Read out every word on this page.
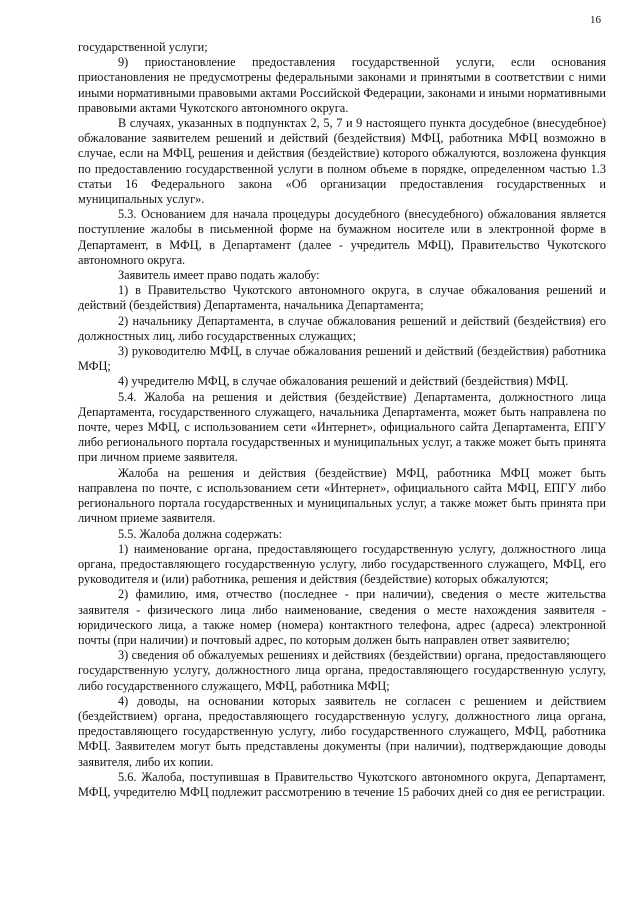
16

государственной услуги;

9) приостановление предоставления государственной услуги, если основания приостановления не предусмотрены федеральными законами и принятыми в соответствии с ними иными нормативными правовыми актами Российской Федерации, законами и иными нормативными правовыми актами Чукотского автономного округа.

В случаях, указанных в подпунктах 2, 5, 7 и 9 настоящего пункта досудебное (внесудебное) обжалование заявителем решений и действий (бездействия) МФЦ, работника МФЦ возможно в случае, если на МФЦ, решения и действия (бездействие) которого обжалуются, возложена функция по предоставлению государственной услуги в полном объеме в порядке, определенном частью 1.3 статьи 16 Федерального закона «Об организации предоставления государственных и муниципальных услуг».

5.3. Основанием для начала процедуры досудебного (внесудебного) обжалования является поступление жалобы в письменной форме на бумажном носителе или в электронной форме в Департамент, в МФЦ, в Департамент (далее - учредитель МФЦ), Правительство Чукотского автономного округа.

Заявитель имеет право подать жалобу:

1) в Правительство Чукотского автономного округа, в случае обжалования решений и действий (бездействия) Департамента, начальника Департамента;

2) начальнику Департамента, в случае обжалования решений и действий (бездействия) его должностных лиц, либо государственных служащих;

3) руководителю МФЦ, в случае обжалования решений и действий (бездействия) работника МФЦ;

4) учредителю МФЦ, в случае обжалования решений и действий (бездействия) МФЦ.

5.4. Жалоба на решения и действия (бездействие) Департамента, должностного лица Департамента, государственного служащего, начальника Департамента, может быть направлена по почте, через МФЦ, с использованием сети «Интернет», официального сайта Департамента, ЕПГУ либо регионального портала государственных и муниципальных услуг, а также может быть принята при личном приеме заявителя.

Жалоба на решения и действия (бездействие) МФЦ, работника МФЦ может быть направлена по почте, с использованием сети «Интернет», официального сайта МФЦ, ЕПГУ либо регионального портала государственных и муниципальных услуг, а также может быть принята при личном приеме заявителя.

5.5. Жалоба должна содержать:

1) наименование органа, предоставляющего государственную услугу, должностного лица органа, предоставляющего государственную услугу, либо государственного служащего, МФЦ, его руководителя и (или) работника, решения и действия (бездействие) которых обжалуются;

2) фамилию, имя, отчество (последнее - при наличии), сведения о месте жительства заявителя - физического лица либо наименование, сведения о месте нахождения заявителя - юридического лица, а также номер (номера) контактного телефона, адрес (адреса) электронной почты (при наличии) и почтовый адрес, по которым должен быть направлен ответ заявителю;

3) сведения об обжалуемых решениях и действиях (бездействии) органа, предоставляющего государственную услугу, должностного лица органа, предоставляющего государственную услугу, либо государственного служащего, МФЦ, работника МФЦ;

4) доводы, на основании которых заявитель не согласен с решением и действием (бездействием) органа, предоставляющего государственную услугу, должностного лица органа, предоставляющего государственную услугу, либо государственного служащего, МФЦ, работника МФЦ. Заявителем могут быть представлены документы (при наличии), подтверждающие доводы заявителя, либо их копии.

5.6. Жалоба, поступившая в Правительство Чукотского автономного округа, Департамент, МФЦ, учредителю МФЦ подлежит рассмотрению в течение 15 рабочих дней со дня ее регистрации.
